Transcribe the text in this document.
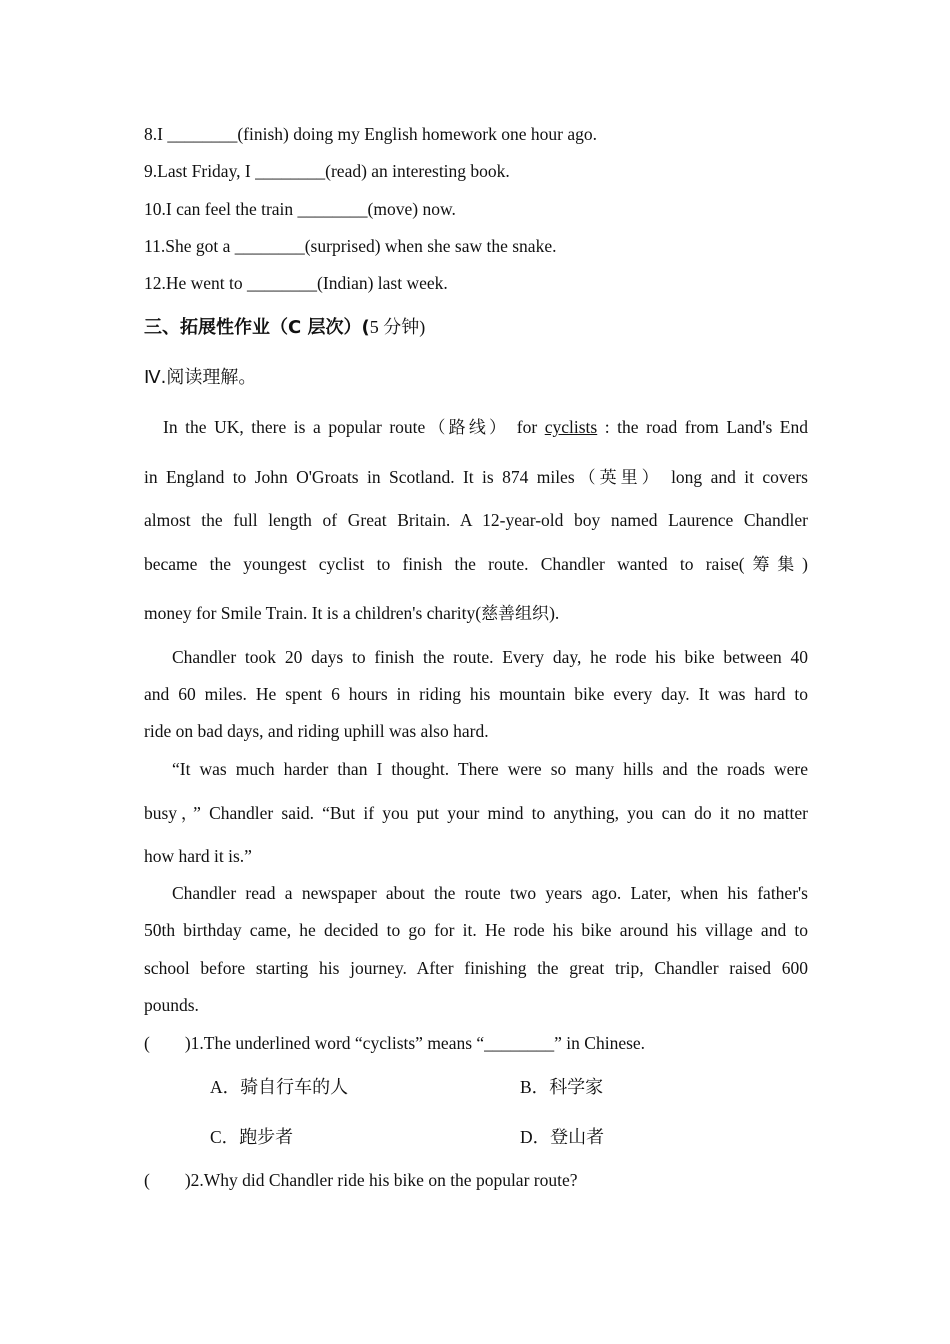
8.I ________(finish) doing my English homework one hour ago.
9.Last Friday, I ________(read) an interesting book.
10.I can feel the train ________(move) now.
11.She got a ________(surprised) when she saw the snake.
12.He went to ________(Indian) last week.
三、拓展性作业（C 层次）(5 分钟)
Ⅳ.阅读理解。
In the UK, there is a popular route（路线） for cyclists : the road from Land's End
in England to John O'Groats in Scotland. It is 874 miles（英里） long and it covers
almost the full length of Great Britain. A 12-year-old boy named Laurence Chandler
became the youngest cyclist to finish the route. Chandler wanted to raise(筹集)
money for Smile Train. It is a children's charity(慈善组织).
Chandler took 20 days to finish the route. Every day, he rode his bike between 40
and 60 miles. He spent 6 hours in riding his mountain bike every day. It was hard to
ride on bad days, and riding uphill was also hard.
“It was much harder than I thought. There were so many hills and the roads were
busy，” Chandler said. “But if you put your mind to anything, you can do it no matter
how hard it is.”
Chandler read a newspaper about the route two years ago. Later, when his father's
50th birthday came, he decided to go for it. He rode his bike around his village and to
school before starting his journey. After finishing the great trip, Chandler raised 600
pounds.
(        )1.The underlined word “cyclists” means “________” in Chinese.
A．骑自行车的人	B．科学家
C．跑步者	D．登山者
(        )2.Why did Chandler ride his bike on the popular route?
